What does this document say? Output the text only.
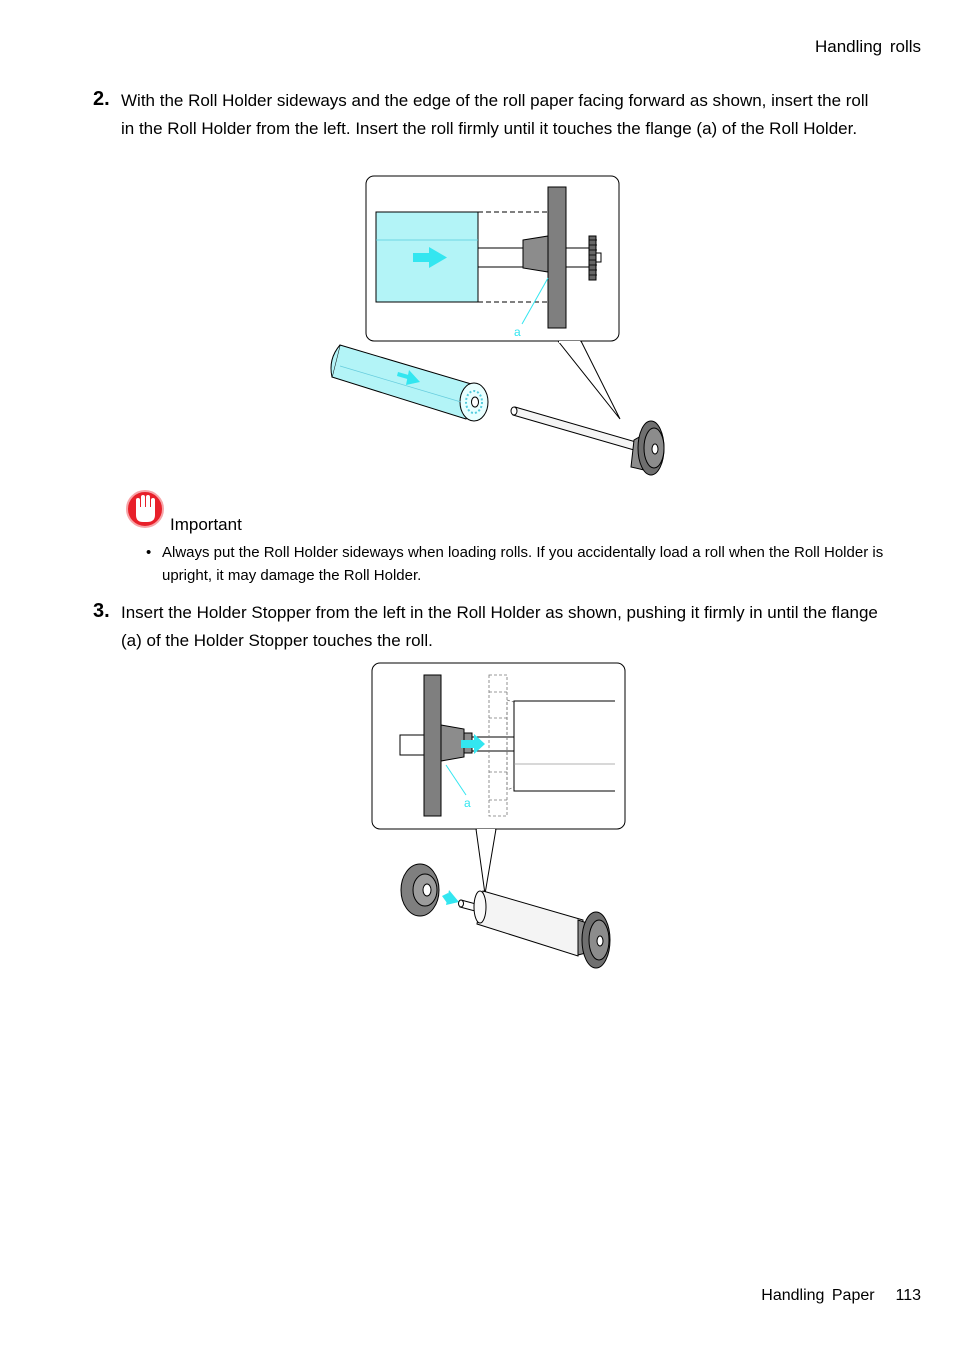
Handling rolls
2. With the Roll Holder sideways and the edge of the roll paper facing forward as shown, insert the roll in the Roll Holder from the left. Insert the roll firmly until it touches the flange (a) of the Roll Holder.
a
Important
• Always put the Roll Holder sideways when loading rolls. If you accidentally load a roll when the Roll Holder is upright, it may damage the Roll Holder.
3. Insert the Holder Stopper from the left in the Roll Holder as shown, pushing it firmly in until the flange (a) of the Holder Stopper touches the roll.
a
Handling Paper 113
